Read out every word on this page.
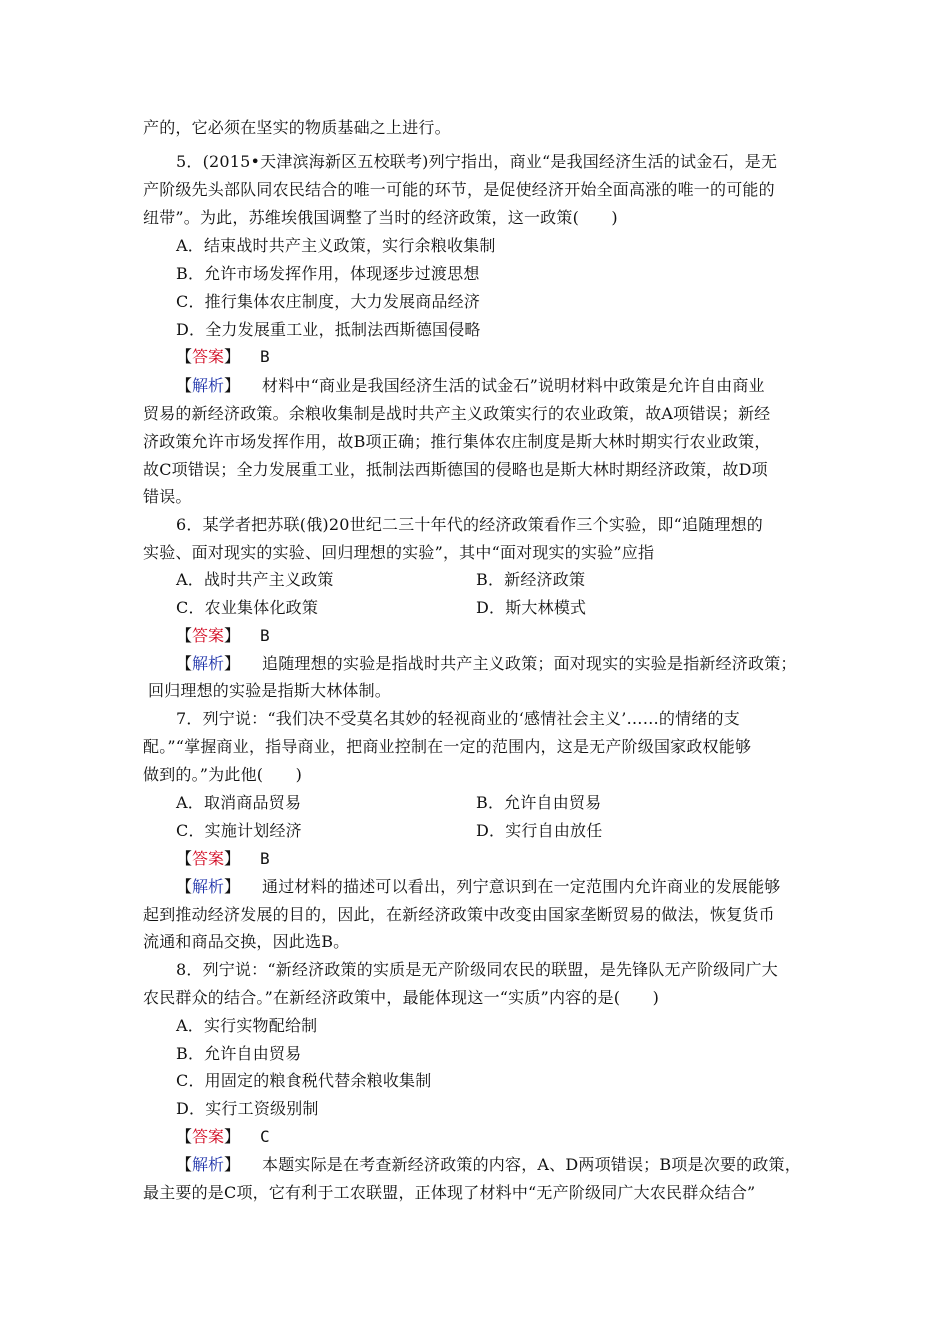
产的，它必须在坚实的物质基础之上进行。
5．(2015•天津滨海新区五校联考)列宁指出，商业“是我国经济生活的试金石，是无
产阶级先头部队同农民结合的唯一可能的环节，是促使经济开始全面高涨的唯一的可能的
纽带”。为此，苏维埃俄国调整了当时的经济政策，这一政策(　　)
A．结束战时共产主义政策，实行余粮收集制
B．允许市场发挥作用，体现逐步过渡思想
C．推行集体农庄制度，大力发展商品经济
D．全力发展重工业，抵制法西斯德国侵略
【答案】 B
【解析】 材料中“商业是我国经济生活的试金石”说明材料中政策是允许自由商业
贸易的新经济政策。余粮收集制是战时共产主义政策实行的农业政策，故A项错误；新经
济政策允许市场发挥作用，故B项正确；推行集体农庄制度是斯大林时期实行农业政策，
故C项错误；全力发展重工业，抵制法西斯德国的侵略也是斯大林时期经济政策，故D项
错误。
6．某学者把苏联(俄)20世纪二三十年代的经济政策看作三个实验，即“追随理想的
实验、面对现实的实验、回归理想的实验”，其中“面对现实的实验”应指
A．战时共产主义政策	B．新经济政策
C．农业集体化政策	D．斯大林模式
【答案】 B
【解析】 追随理想的实验是指战时共产主义政策；面对现实的实验是指新经济政策；
回归理想的实验是指斯大林体制。
7．列宁说：“我们决不受莫名其妙的轻视商业的‘感情社会主义’……的情绪的支
配。”“掌握商业，指导商业，把商业控制在一定的范围内，这是无产阶级国家政权能够
做到的。”为此他(　　)
A．取消商品贸易	B．允许自由贸易
C．实施计划经济	D．实行自由放任
【答案】 B
【解析】 通过材料的描述可以看出，列宁意识到在一定范围内允许商业的发展能够
起到推动经济发展的目的，因此，在新经济政策中改变由国家垄断贸易的做法，恢复货币
流通和商品交换，因此选B。
8．列宁说：“新经济政策的实质是无产阶级同农民的联盟，是先锋队无产阶级同广大
农民群众的结合。”在新经济政策中，最能体现这一“实质”内容的是(　　)
A．实行实物配给制
B．允许自由贸易
C．用固定的粮食税代替余粮收集制
D．实行工资级别制
【答案】 C
【解析】 本题实际是在考查新经济政策的内容，A、D两项错误；B项是次要的政策，
最主要的是C项，它有利于工农联盟，正体现了材料中“无产阶级同广大农民群众结合”
